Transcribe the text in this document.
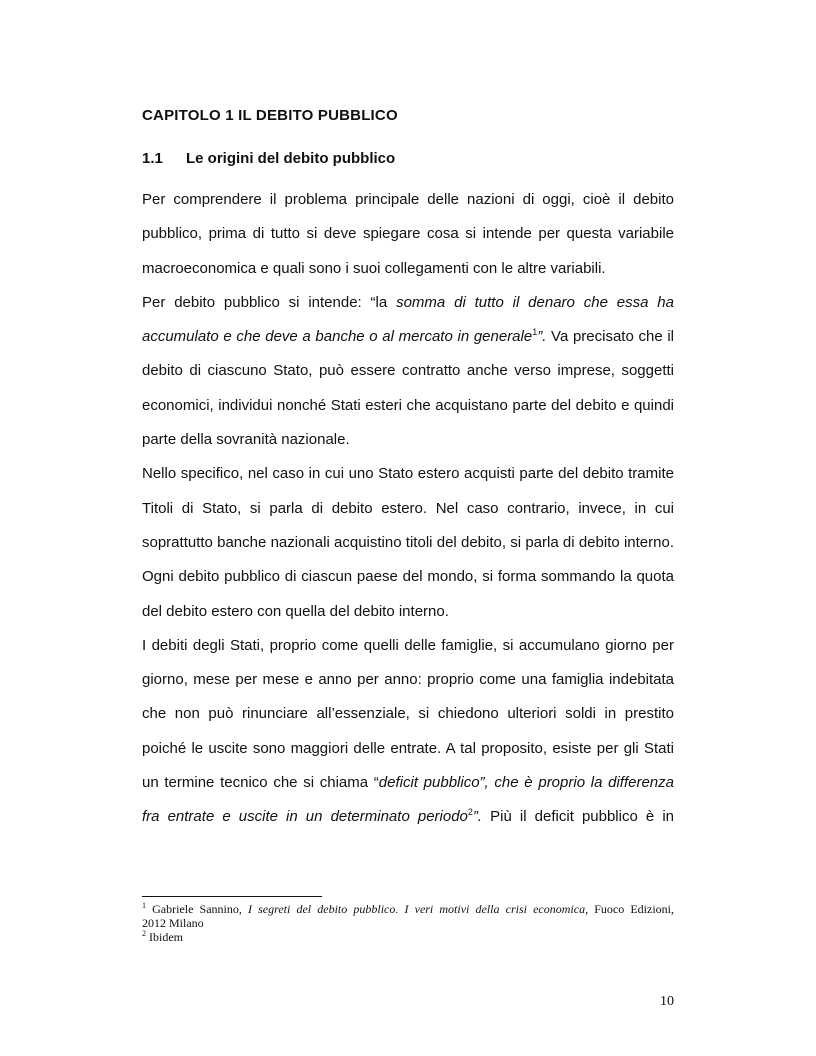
CAPITOLO 1 IL DEBITO PUBBLICO
1.1 Le origini del debito pubblico
Per comprendere il problema principale delle nazioni di oggi, cioè il debito
pubblico, prima di tutto si deve spiegare cosa si intende per questa variabile
macroeconomica e quali sono i suoi collegamenti con le altre variabili.
Per debito pubblico si intende: “la somma di tutto il denaro che essa ha
accumulato e che deve a banche o al mercato in generale$^1$”. Va precisato che il
debito di ciascuno Stato, può essere contratto anche verso imprese, soggetti
economici, individui nonché Stati esteri che acquistano parte del debito e quindi
parte della sovranità nazionale.
Nello specifico, nel caso in cui uno Stato estero acquisti parte del debito tramite
Titoli di Stato, si parla di debito estero. Nel caso contrario, invece, in cui
soprattutto banche nazionali acquistino titoli del debito, si parla di debito interno.
Ogni debito pubblico di ciascun paese del mondo, si forma sommando la quota
del debito estero con quella del debito interno.
I debiti degli Stati, proprio come quelli delle famiglie, si accumulano giorno per
giorno, mese per mese e anno per anno: proprio come una famiglia indebitata
che non può rinunciare all’essenziale, si chiedono ulteriori soldi in prestito
poiché le uscite sono maggiori delle entrate. A tal proposito, esiste per gli Stati
un termine tecnico che si chiama “deficit pubblico”, che è proprio la differenza
fra entrate e uscite in un determinato periodo$^2$”. Più il deficit pubblico è in
$^1$ Gabriele Sannino, I segreti del debito pubblico. I veri motivi della crisi economica, Fuoco Edizioni,
2012 Milano
$^2$ Ibidem
10
